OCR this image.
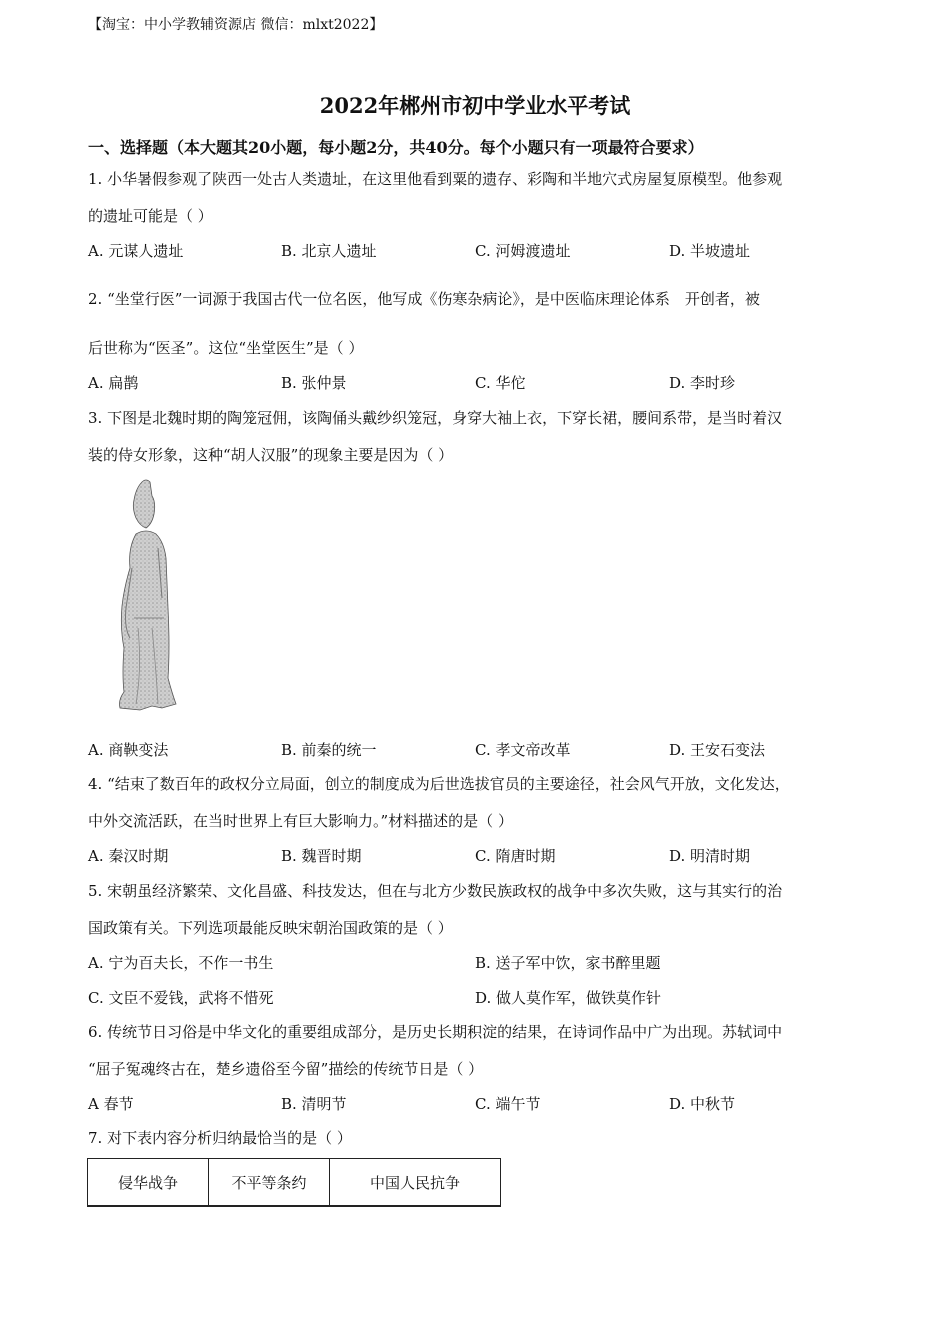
【淘宝：中小学教辅资源店 微信：mlxt2022】
2022年郴州市初中学业水平考试
一、选择题（本大题其20小题，每小题2分，共40分。每个小题只有一项最符合要求）
1. 小华暑假参观了陕西一处古人类遗址，在这里他看到粟的遗存、彩陶和半地穴式房屋复原模型。他参观
的遗址可能是（ ）
A. 元谋人遗址	B. 北京人遗址	C. 河姆渡遗址	D. 半坡遗址
2. “坐堂行医”一词源于我国古代一位名医，他写成《伤寒杂病论》，是中医临床理论体系　开创者，被
后世称为“医圣”。这位“坐堂医生”是（ ）
A. 扁鹊	B. 张仲景	C. 华佗	D. 李时珍
3. 下图是北魏时期的陶笼冠佣，该陶俑头戴纱织笼冠，身穿大袖上衣，下穿长裙，腰间系带，是当时着汉
装的侍女形象，这种“胡人汉服”的现象主要是因为（ ）
A. 商鞅变法	B. 前秦的统一	C. 孝文帝改革	D. 王安石变法
4. “结束了数百年的政权分立局面，创立的制度成为后世选拔官员的主要途径，社会风气开放，文化发达，
中外交流活跃，在当时世界上有巨大影响力。”材料描述的是（ ）
A. 秦汉时期	B. 魏晋时期	C. 隋唐时期	D. 明清时期
5. 宋朝虽经济繁荣、文化昌盛、科技发达，但在与北方少数民族政权的战争中多次失败，这与其实行的治
国政策有关。下列选项最能反映宋朝治国政策的是（ ）
A. 宁为百夫长，不作一书生	B. 送子军中饮，家书醉里题
C. 文臣不爱钱，武将不惜死	D. 做人莫作军，做铁莫作针
6. 传统节日习俗是中华文化的重要组成部分，是历史长期积淀的结果，在诗词作品中广为出现。苏轼词中
“屈子冤魂终古在，楚乡遗俗至今留”描绘的传统节日是（ ）
A 春节	B. 清明节	C. 端午节	D. 中秋节
7. 对下表内容分析归纳最恰当的是（ ）
侵华战争	不平等条约	中国人民抗争
